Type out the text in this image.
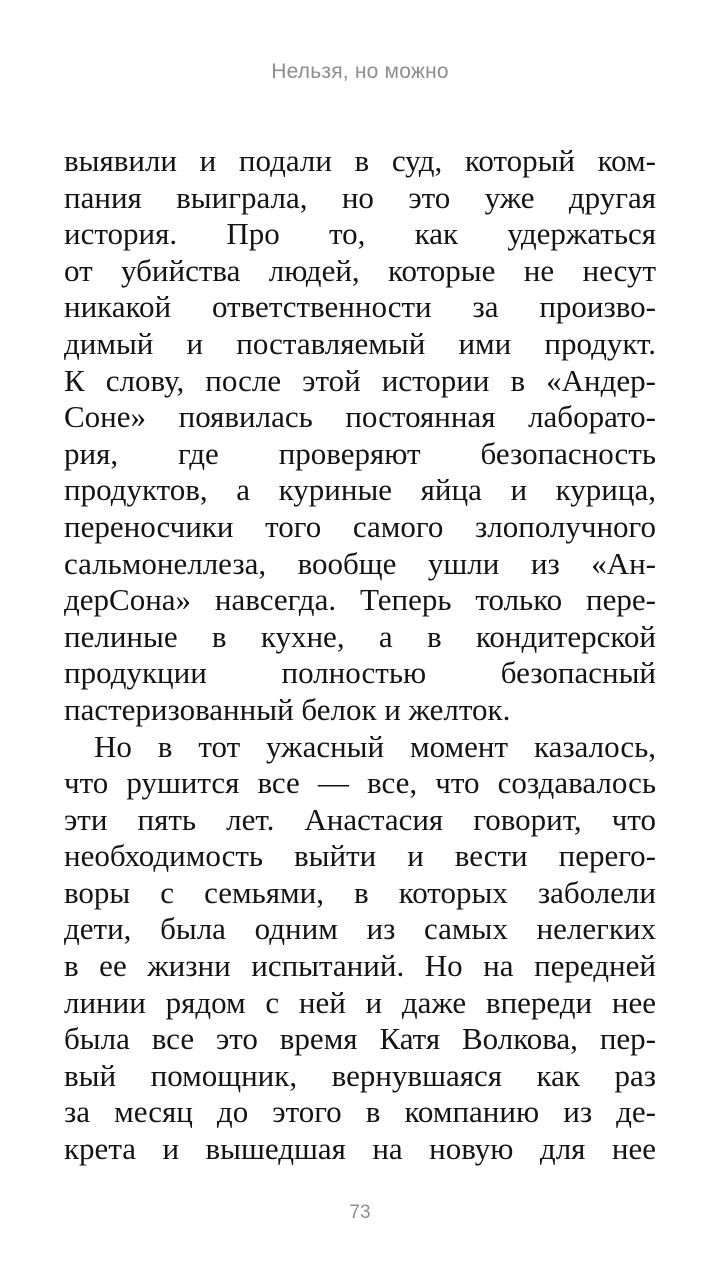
Нельзя, но можно
выявили и подали в суд, который ком-
пания выиграла, но это уже другая
история. Про то, как удержаться
от убийства людей, которые не несут
никакой ответственности за произво-
димый и поставляемый ими продукт.
К слову, после этой истории в «Андер-
Соне» появилась постоянная лаборато-
рия, где проверяют безопасность
продуктов, а куриные яйца и курица,
переносчики того самого злополучного
сальмонеллеза, вообще ушли из «Ан-
дерСона» навсегда. Теперь только пере-
пелиные в кухне, а в кондитерской
продукции полностью безопасный
пастеризованный белок и желток.
Но в тот ужасный момент казалось,
что рушится все — все, что создавалось
эти пять лет. Анастасия говорит, что
необходимость выйти и вести перего-
воры с семьями, в которых заболели
дети, была одним из самых нелегких
в ее жизни испытаний. Но на передней
линии рядом с ней и даже впереди нее
была все это время Катя Волкова, пер-
вый помощник, вернувшаяся как раз
за месяц до этого в компанию из де-
крета и вышедшая на новую для нее
73
